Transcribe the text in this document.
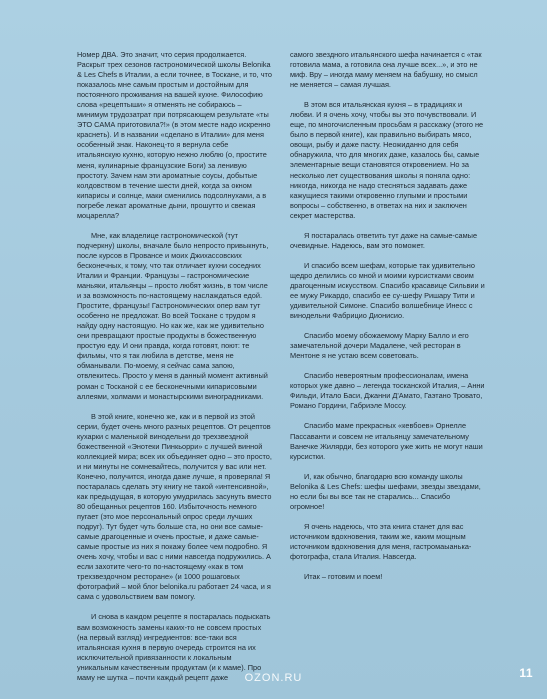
Номер ДВА. Это значит, что серия продолжается. Раскрыт трех сезонов гастрономической школы Belonika & Les Chefs в Италии, а если точнее, в Тоскане, и то, что показалось мне самым простым и достойным для постоянного проживания на вашей кухне. Философию слова «рецептыши» я отменять не собираюсь – минимум трудозатрат при потрясающем результате «ты ЭТО САМА приготовила?!» (в этом месте надо искренно краснеть). И в названии «сделано в Италии» для меня особенный знак. Наконец-то я вернула себе итальянскую кухню, которую нежно люблю (о, простите меня, кулинарные французские Боги) за ленивую простоту. Зачем нам эти ароматные соусы, добытые колдовством в течение шести дней, когда за окном кипарисы и солнце, маки сменились подсолнухами, а в погребе лежат ароматные дыни, прошутто и свежая моцарелла?

Мне, как владелице гастрономической (тут подчеркну) школы, вначале было непросто привыкнуть, после курсов в Провансе и моих Джихассовских бесконечных, к тому, что так отличает кухни соседних Италии и Франции. Французы – гастрономические маньяки, итальянцы – просто любят жизнь, в том числе и за возможность по-настоящему наслаждаться едой. Простите, французы! Гастрономических опер вам тут особенно не предложат. Во всей Тоскане с трудом я найду одну настоящую. Но как же, как же удивительно они превращают простые продукты в божественную простую еду. И они правда, когда готовят, поют: те фильмы, что я так любила в детстве, меня не обманывали. По-моему, я сейчас сама запою, отвлекитесь. Просто у меня в данный момент активный роман с Тосканой с ее бесконечными кипарисовыми аллеями, холмами и монастырскими виноградниками.

В этой книге, конечно же, как и в первой из этой серии, будет очень много разных рецептов. От рецептов кухарки с маленькой винодельни до трехзвездной божественной «Энотеки Пинкьорри» с лучшей винной коллекцией мира; всех их объединяет одно – это просто, и ни минуты не сомневайтесь, получится у вас или нет. Конечно, получится, иногда даже лучше, я проверяла! Я постаралась сделать эту книгу не такой «интенсивной», как предыдущая, в которую умудрилась засунуть вместо 80 обещанных рецептов 160. Избыточность немного пугает (это мое персональный опрос среди лучших подруг). Тут будет чуть больше ста, но они все самые-самые драгоценные и очень простые, и даже самые-самые простые из них я покажу более чем подробно. Я очень хочу, чтобы и вас с ними навсегда подружились. А если захотите чего-то по-настоящему «как в том трехзвездочном ресторане» (и 1000 рошаговых фотографий – мой блог belonika.ru работает 24 часа, и я сама с удовольствием вам помогу.

И снова в каждом рецепте я постаралась подыскать вам возможность замены каких-то не совсем простых (на первый взгляд) ингредиентов: все-таки вся итальянская кухня в первую очередь строится на их исключительной привязанности к локальным уникальным качественным продуктам (и к маме). Про маму не шутка – почти каждый рецепт даже

самого звездного итальянского шефа начинается с «так готовила мама, а готовила она лучше всех...», и это не миф. Вру – иногда маму меняем на бабушку, но смысл не меняется – самая лучшая.

В этом вся итальянская кухня – в традициях и любви. И я очень хочу, чтобы вы это почувствовали. И еще, по многочисленным просьбам я расскажу (этого не было в первой книге), как правильно выбирать мясо, овощи, рыбу и даже пасту. Неожиданно для себя обнаружила, что для многих даже, казалось бы, самые элементарные вещи становятся откровением. Но за несколько лет существования школы я поняла одно: никогда, никогда не надо стесняться задавать даже кажущиеся такими откровенно глупыми и простыми вопросы – собственно, в ответах на них и заключен секрет мастерства.

Я постаралась ответить тут даже на самые-самые очевидные. Надеюсь, вам это поможет.

И спасибо всем шефам, которые так удивительно щедро делились со мной и моими курсистками своим драгоценным искусством. Спасибо красавице Сильвии и ее мужу Рикардо, спасибо ее су-шефу Ришару Тити и удивительной Симоне. Спасибо волшебнице Инесс с винодельни Фабрицио Дионисио.

Спасибо моему обожаемому Марку Балло и его замечательной дочери Мадалене, чей ресторан в Ментоне я не устаю всем советовать.

Спасибо невероятным профессионалам, имена которых уже давно – легенда тосканской Италия, – Анни Фильди, Итало Баси, Джанни Д'Амато, Гаэтано Тровато, Романо Гордини, Габриэле Моссу.

Спасибо маме прекрасных «кевбоев» Орнелле Пассаванти и совсем не итальянцу замечательному Ванечке Жилярди, без которого уже жить не могут наши курсистки.

И, как обычно, благодарю всю команду школы Belonika & Les Chefs: шефы шефами, звезды звездами, но если бы вы все так не старались... Спасибо огромное!

Я очень надеюсь, что эта книга станет для вас источником вдохновения, таким же, каким мощным источником вдохновения для меня, гастромаыанька-фотографа, стала Италия. Навсегда.

Итак – готовим и поем!

OZON.RU	11
